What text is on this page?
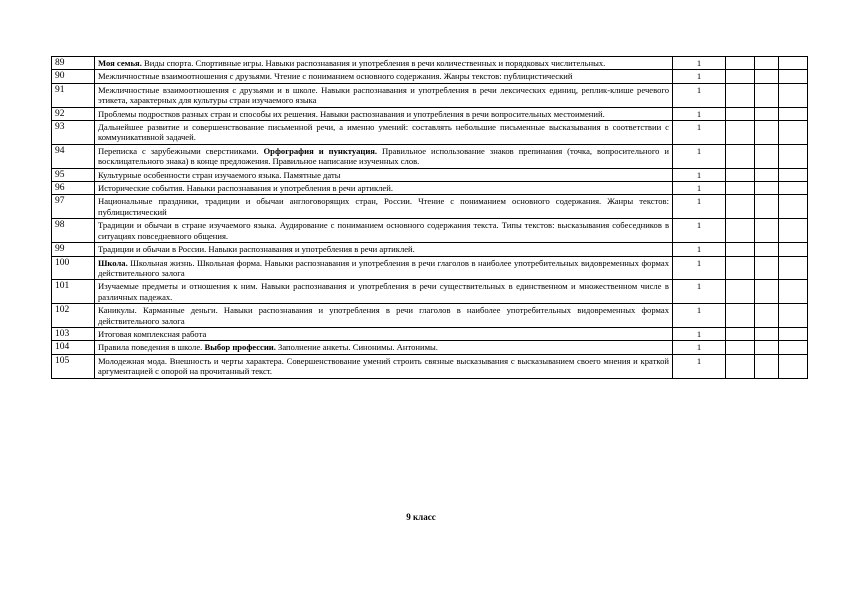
89	Моя семья. Виды спорта. Спортивные игры. Навыки распознавания и употребления в речи количественных и порядковых числительных.	1			
90	Межличностные взаимоотношения с друзьями. Чтение с пониманием основного содержания. Жанры текстов: публицистический	1			
91	Межличностные взаимоотношения с друзьями и в школе. Навыки распознавания и употребления в речи лексических единиц, реплик-клише речевого этикета, характерных для культуры стран изучаемого языка	1			
92	Проблемы подростков разных стран и способы их решения. Навыки распознавания и употребления в речи вопросительных местоимений.	1			
93	Дальнейшее развитие и совершенствование письменной речи, а именно умений: составлять небольшие письменные высказывания в соответствии с коммуникативной задачей.	1			
94	Переписка с зарубежными сверстниками. Орфография и пунктуация. Правильное использование знаков препинания (точка, вопросительного и восклицательного знака) в конце предложения. Правильное написание изученных слов.	1			
95	Культурные особенности стран изучаемого языка. Памятные даты	1			
96	Исторические события. Навыки распознавания и употребления в речи артиклей.	1			
97	Национальные праздники, традиции и обычаи англоговорящих стран, России. Чтение с пониманием основного содержания. Жанры текстов: публицистический	1			
98	Традиции и обычаи в стране изучаемого языка. Аудирование с пониманием основного содержания текста. Типы текстов: высказывания собеседников в ситуациях повседневного общения.	1			
99	Традиции и обычаи в России. Навыки распознавания и употребления в речи артиклей.	1			
100	Школа. Школьная жизнь. Школьная форма. Навыки распознавания и употребления в речи глаголов в наиболее употребительных видовременных формах действительного залога	1			
101	Изучаемые предметы и отношения к ним. Навыки распознавания и употребления в речи существительных в единственном и множественном числе в различных падежах.	1			
102	Каникулы. Карманные деньги. Навыки распознавания и употребления в речи глаголов в наиболее употребительных видовременных формах действительного залога	1			
103	Итоговая комплексная работа	1			
104	Правила поведения в школе. Выбор профессии. Заполнение анкеты. Синонимы. Антонимы.	1			
105	Молодежная мода. Внешность и черты характера. Совершенствование умений строить связные высказывания с высказыванием своего мнения и краткой аргументацией с опорой на прочитанный текст.	1			
9 класс
